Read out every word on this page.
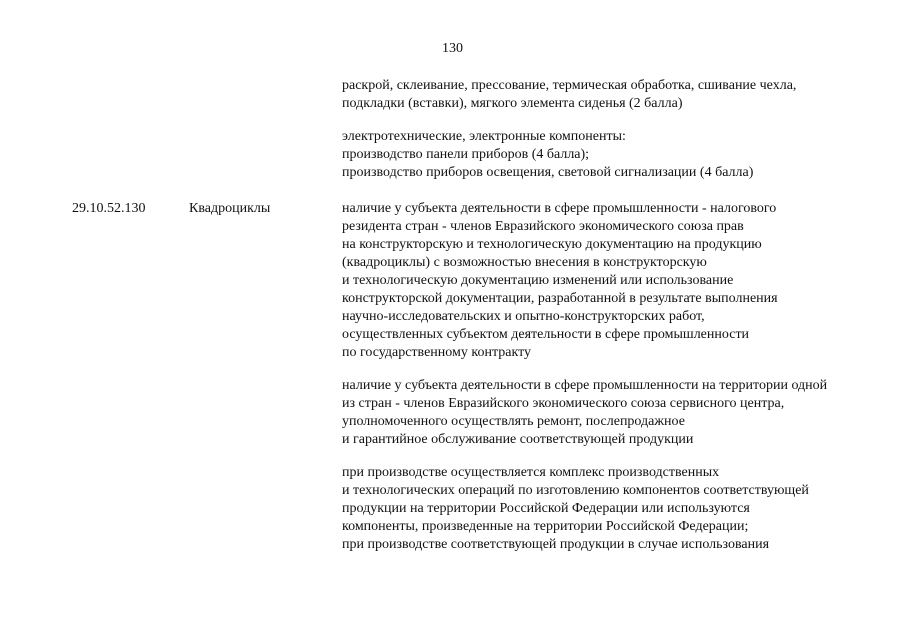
130
раскрой, склеивание, прессование, термическая обработка, сшивание чехла,
подкладки (вставки), мягкого элемента сиденья (2 балла)
электротехнические, электронные компоненты:
производство панели приборов (4 балла);
производство приборов освещения, световой сигнализации (4 балла)
29.10.52.130	Квадроциклы	наличие у субъекта деятельности в сфере промышленности - налогового
резидента стран - членов Евразийского экономического союза прав
на конструкторскую и технологическую документацию на продукцию
(квадроциклы) с возможностью внесения в конструкторскую
и технологическую документацию изменений или использование
конструкторской документации, разработанной в результате выполнения
научно-исследовательских и опытно-конструкторских работ,
осуществленных субъектом деятельности в сфере промышленности
по государственному контракту
наличие у субъекта деятельности в сфере промышленности на территории одной
из стран - членов Евразийского экономического союза сервисного центра,
уполномоченного осуществлять ремонт, послепродажное
и гарантийное обслуживание соответствующей продукции
при производстве осуществляется комплекс производственных
и технологических операций по изготовлению компонентов соответствующей
продукции на территории Российской Федерации или используются
компоненты, произведенные на территории Российской Федерации;
при производстве соответствующей продукции в случае использования
